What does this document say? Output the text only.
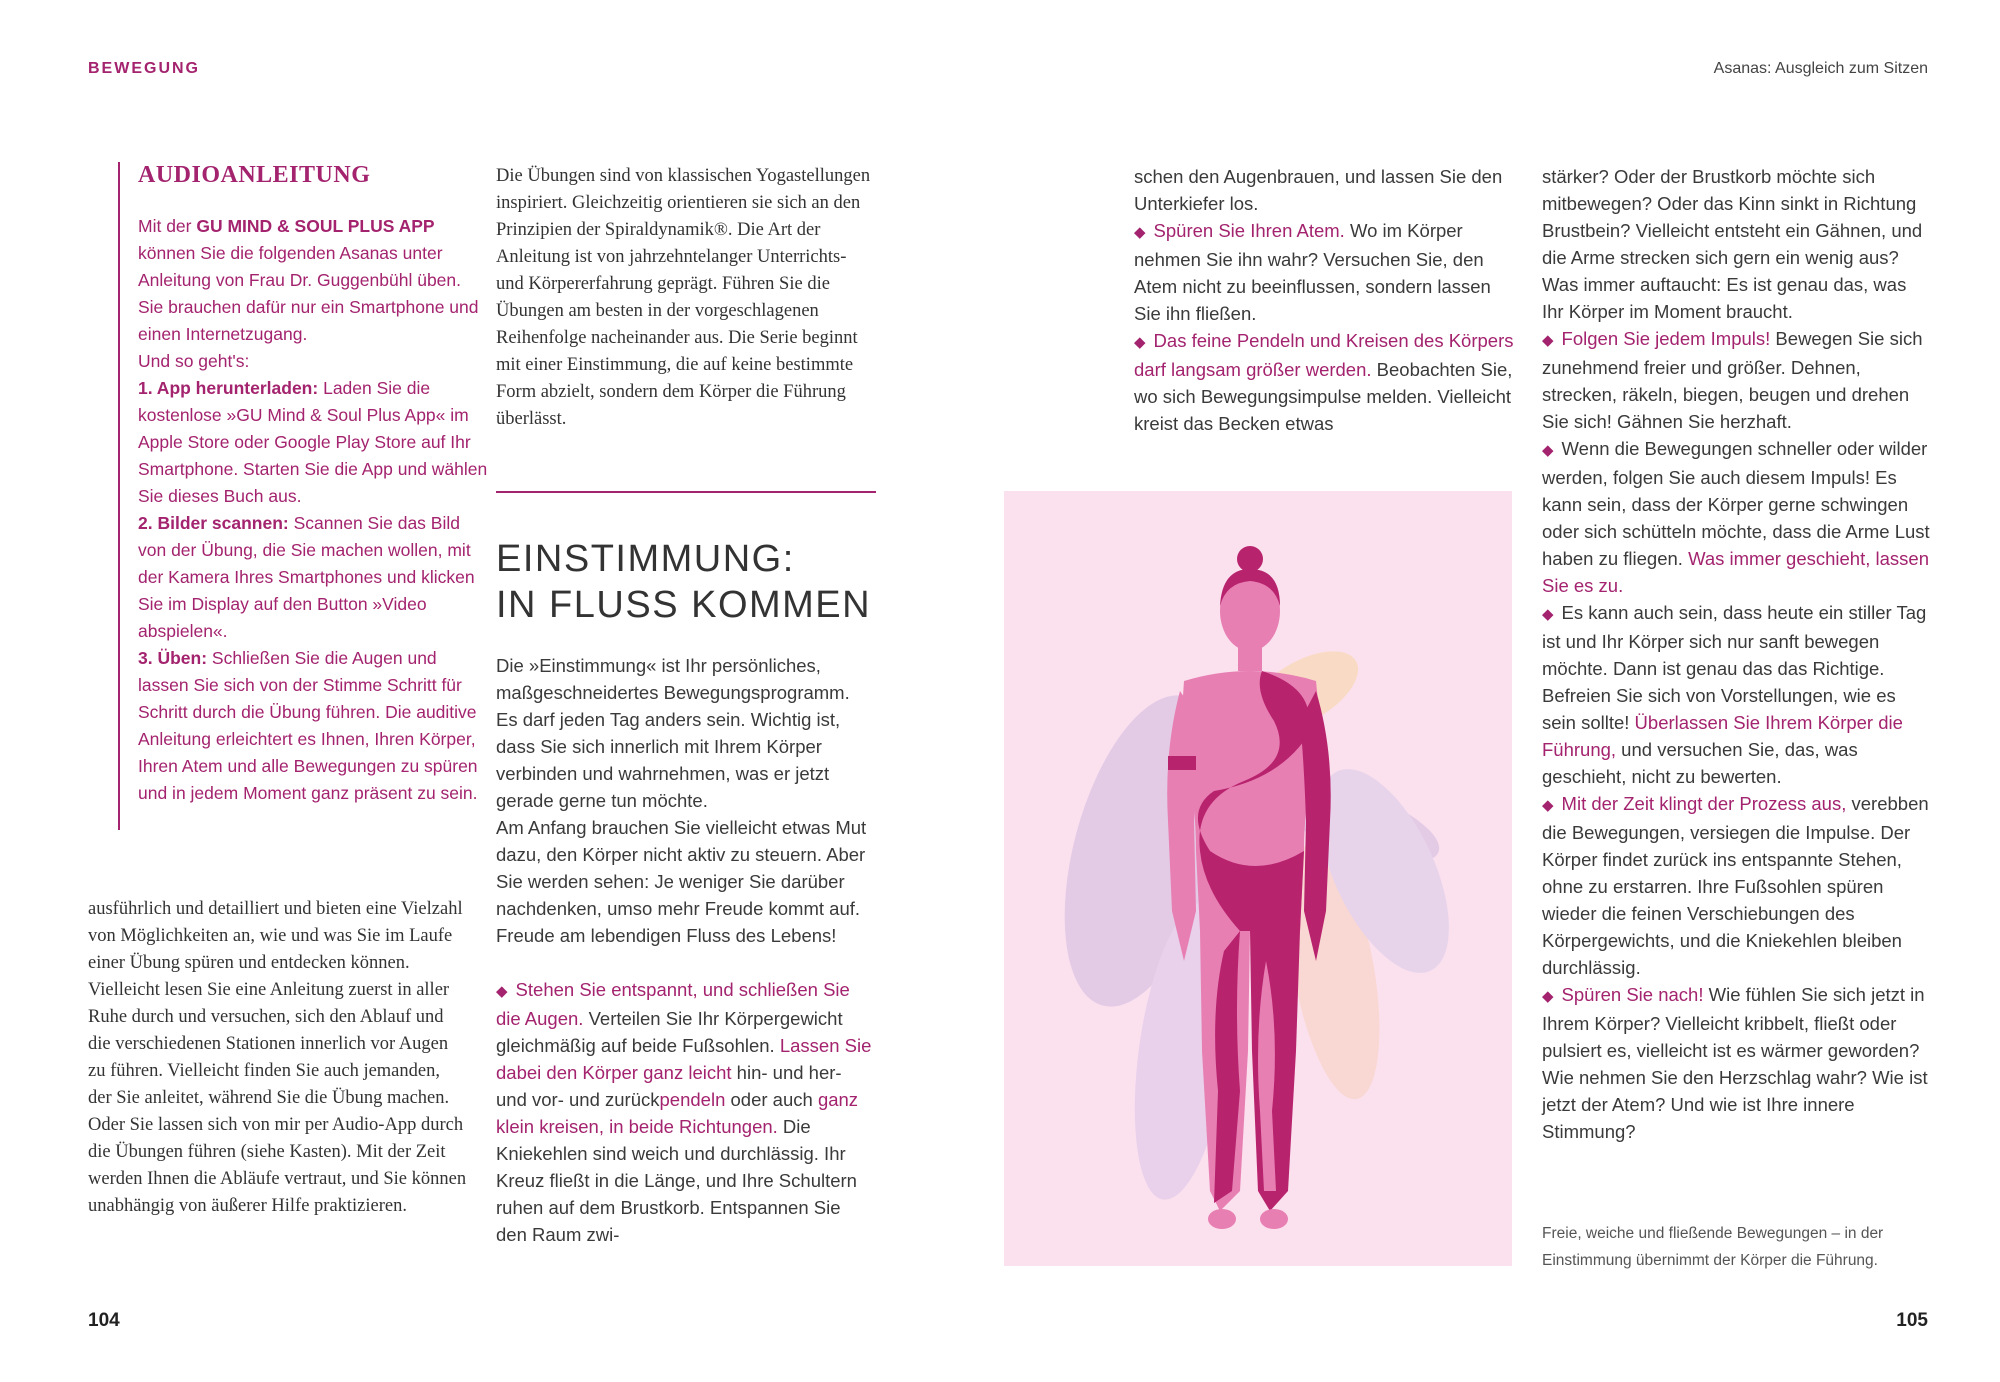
BEWEGUNG	Asanas: Ausgleich zum Sitzen
AUDIOANLEITUNG

Mit der GU MIND & SOUL PLUS APP können Sie die folgenden Asanas unter Anleitung von Frau Dr. Guggenbühl üben. Sie brauchen dafür nur ein Smartphone und einen Internetzugang.

Und so geht's:

1. App herunterladen: Laden Sie die kostenlose »GU Mind & Soul Plus App« im Apple Store oder Google Play Store auf Ihr Smartphone. Starten Sie die App und wählen Sie dieses Buch aus.

2. Bilder scannen: Scannen Sie das Bild von der Übung, die Sie machen wollen, mit der Kamera Ihres Smartphones und klicken Sie im Display auf den Button »Video abspielen«.

3. Üben: Schließen Sie die Augen und lassen Sie sich von der Stimme Schritt für Schritt durch die Übung führen. Die auditive Anleitung erleichtert es Ihnen, Ihren Körper, Ihren Atem und alle Bewegungen zu spüren und in jedem Moment ganz präsent zu sein.

ausführlich und detailliert und bieten eine Vielzahl von Möglichkeiten an, wie und was Sie im Laufe einer Übung spüren und entdecken können.

Vielleicht lesen Sie eine Anleitung zuerst in aller Ruhe durch und versuchen, sich den Ablauf und die verschiedenen Stationen innerlich vor Augen zu führen. Vielleicht finden Sie auch jemanden, der Sie anleitet, während Sie die Übung machen. Oder Sie lassen sich von mir per Audio-App durch die Übungen führen (siehe Kasten). Mit der Zeit werden Ihnen die Abläufe vertraut, und Sie können unabhängig von äußerer Hilfe praktizieren.

Die Übungen sind von klassischen Yogastellungen inspiriert. Gleichzeitig orientieren sie sich an den Prinzipien der Spiraldynamik®. Die Art der Anleitung ist von jahrzehntelanger Unterrichts- und Körpererfahrung geprägt. Führen Sie die Übungen am besten in der vorgeschlagenen Reihenfolge nacheinander aus. Die Serie beginnt mit einer Einstimmung, die auf keine bestimmte Form abzielt, sondern dem Körper die Führung überlässt.

EINSTIMMUNG:
IN FLUSS KOMMEN

Die »Einstimmung« ist Ihr persönliches, maßgeschneidertes Bewegungsprogramm. Es darf jeden Tag anders sein. Wichtig ist, dass Sie sich innerlich mit Ihrem Körper verbinden und wahrnehmen, was er jetzt gerade gerne tun möchte.

Am Anfang brauchen Sie vielleicht etwas Mut dazu, den Körper nicht aktiv zu steuern. Aber Sie werden sehen: Je weniger Sie darüber nachdenken, umso mehr Freude kommt auf. Freude am lebendigen Fluss des Lebens!

◆ Stehen Sie entspannt, und schließen Sie die Augen. Verteilen Sie Ihr Körpergewicht gleichmäßig auf beide Fußsohlen. Lassen Sie dabei den Körper ganz leicht hin- und her- und vor- und zurückpendeln oder auch ganz klein kreisen, in beide Richtungen. Die Kniekehlen sind weich und durchlässig. Ihr Kreuz fließt in die Länge, und Ihre Schultern ruhen auf dem Brustkorb. Entspannen Sie den Raum zwi-

schen den Augenbrauen, und lassen Sie den Unterkiefer los.

◆ Spüren Sie Ihren Atem. Wo im Körper nehmen Sie ihn wahr? Versuchen Sie, den Atem nicht zu beeinflussen, sondern lassen Sie ihn fließen.

◆ Das feine Pendeln und Kreisen des Körpers darf langsam größer werden. Beobachten Sie, wo sich Bewegungsimpulse melden. Vielleicht kreist das Becken etwas

stärker? Oder der Brustkorb möchte sich mitbewegen? Oder das Kinn sinkt in Richtung Brustbein? Vielleicht entsteht ein Gähnen, und die Arme strecken sich gern ein wenig aus? Was immer auftaucht: Es ist genau das, was Ihr Körper im Moment braucht.

◆ Folgen Sie jedem Impuls! Bewegen Sie sich zunehmend freier und größer. Dehnen, strecken, räkeln, biegen, beugen und drehen Sie sich! Gähnen Sie herzhaft.

◆ Wenn die Bewegungen schneller oder wilder werden, folgen Sie auch diesem Impuls! Es kann sein, dass der Körper gerne schwingen oder sich schütteln möchte, dass die Arme Lust haben zu fliegen. Was immer geschieht, lassen Sie es zu.

◆ Es kann auch sein, dass heute ein stiller Tag ist und Ihr Körper sich nur sanft bewegen möchte. Dann ist genau das das Richtige. Befreien Sie sich von Vorstellungen, wie es sein sollte! Überlassen Sie Ihrem Körper die Führung, und versuchen Sie, das, was geschieht, nicht zu bewerten.

◆ Mit der Zeit klingt der Prozess aus, verebben die Bewegungen, versiegen die Impulse. Der Körper findet zurück ins entspannte Stehen, ohne zu erstarren. Ihre Fußsohlen spüren wieder die feinen Verschiebungen des Körpergewichts, und die Kniekehlen bleiben durchlässig.

◆ Spüren Sie nach! Wie fühlen Sie sich jetzt in Ihrem Körper? Vielleicht kribbelt, fließt oder pulsiert es, vielleicht ist es wärmer geworden? Wie nehmen Sie den Herzschlag wahr? Wie ist jetzt der Atem? Und wie ist Ihre innere Stimmung?

Freie, weiche und fließende Bewegungen – in der Einstimmung übernimmt der Körper die Führung.
104	105
